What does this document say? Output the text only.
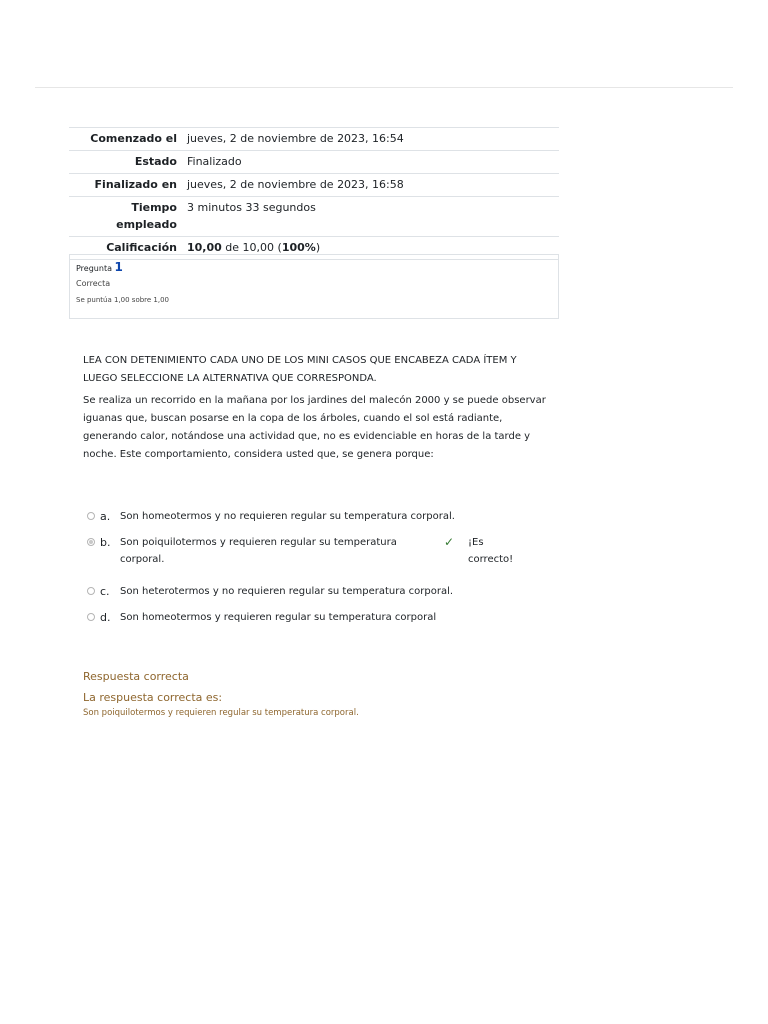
Comenzado el	jueves, 2 de noviembre de 2023, 16:54
Estado	Finalizado
Finalizado en	jueves, 2 de noviembre de 2023, 16:58
Tiempo empleado	3 minutos 33 segundos
Calificación	10,00 de 10,00 (100%)
Pregunta 1
Correcta
Se puntúa 1,00 sobre 1,00

LEA CON DETENIMIENTO CADA UNO DE LOS MINI CASOS QUE ENCABEZA CADA ÍTEM Y LUEGO SELECCIONE LA ALTERNATIVA QUE CORRESPONDA.

Se realiza un recorrido en la mañana por los jardines del malecón 2000 y se puede observar iguanas que, buscan posarse en la copa de los árboles, cuando el sol está radiante, generando calor, notándose una actividad que, no es evidenciable en horas de la tarde y noche. Este comportamiento, considera usted que, se genera porque:

a. Son homeotermos y no requieren regular su temperatura corporal.
b. Son poiquilotermos y requieren regular su temperatura corporal.
✓	¡Es correcto!
c.	Son heterotermos y no requieren regular su temperatura corporal.
d. Son homeotermos y requieren regular su temperatura corporal
Respuesta correcta
La respuesta correcta es:
Son poiquilotermos y requieren regular su temperatura corporal.
